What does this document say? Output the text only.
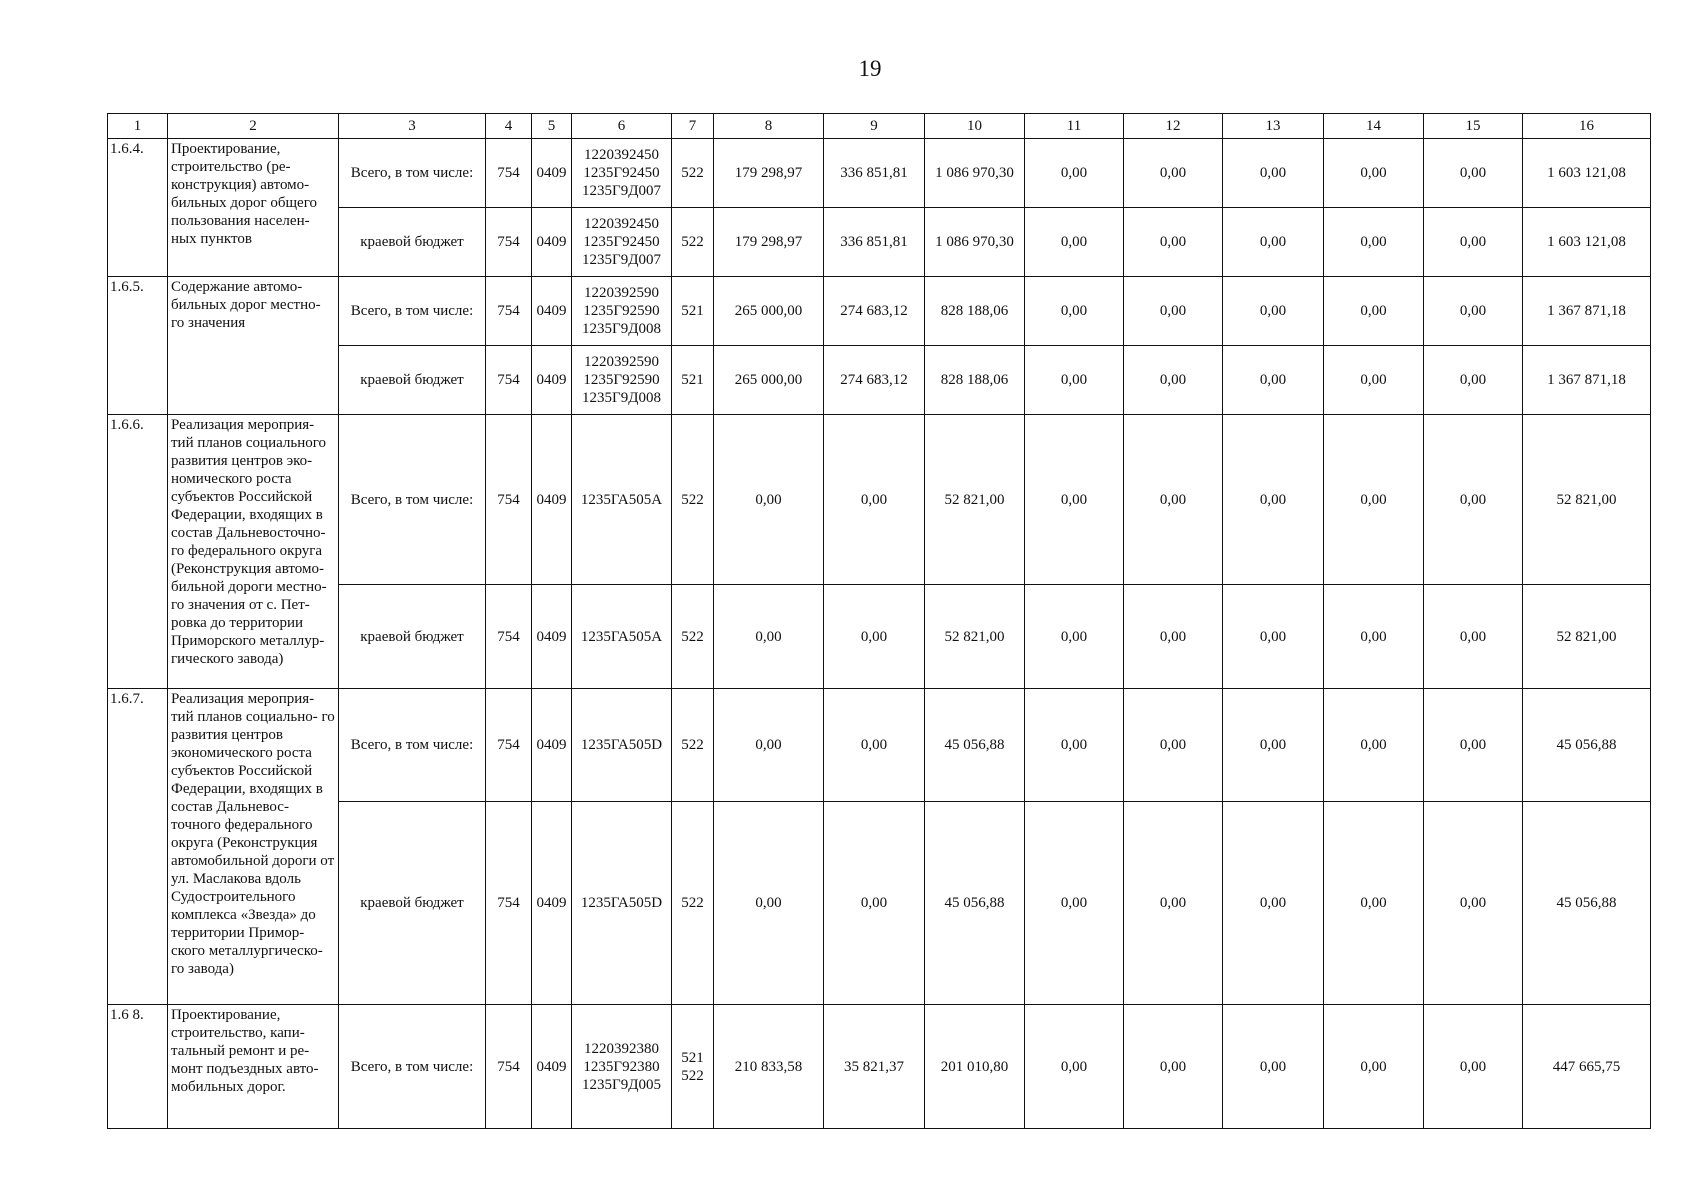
19
1	2	3	4	5	6	7	8	9	10	11	12	13	14	15	16
1.6.4.	Проектирование, строительство (ре- конструкция) автомо- бильных дорог общего пользования населен- ных пунктов	Всего, в том числе:	754	0409	1220392450
1235Г92450
1235Г9Д007	522	179 298,97	336 851,81	1 086 970,30	0,00	0,00	0,00	0,00	0,00	1 603 121,08
		краевой бюджет	754	0409	1220392450
1235Г92450
1235Г9Д007	522	179 298,97	336 851,81	1 086 970,30	0,00	0,00	0,00	0,00	0,00	1 603 121,08
1.6.5.	Содержание автомо- бильных дорог местно- го значения	Всего, в том числе:	754	0409	1220392590
1235Г92590
1235Г9Д008	521	265 000,00	274 683,12	828 188,06	0,00	0,00	0,00	0,00	0,00	1 367 871,18
		краевой бюджет	754	0409	1220392590
1235Г92590
1235Г9Д008	521	265 000,00	274 683,12	828 188,06	0,00	0,00	0,00	0,00	0,00	1 367 871,18
1.6.6.	Реализация мероприя- тий планов социального развития центров эко- номического роста субъектов Российской Федерации, входящих в состав Дальневосточно- го федерального округа (Реконструкция автомо- бильной дороги местно- го значения от с. Пет- ровка до территории Приморского металлур- гического завода)	Всего, в том числе:	754	0409	1235ГА505А	522	0,00	0,00	52 821,00	0,00	0,00	0,00	0,00	0,00	52 821,00
		краевой бюджет	754	0409	1235ГА505А	522	0,00	0,00	52 821,00	0,00	0,00	0,00	0,00	0,00	52 821,00
1.6.7.	Реализация мероприя- тий планов социально- го развития центров экономического роста субъектов Российской Федерации, входящих в состав Дальневос- точного федерального округа (Реконструкция автомобильной дороги от ул. Маслакова вдоль Судостроительного комплекса «Звезда» до территории Примор- ского металлургическо- го завода)	Всего, в том числе:	754	0409	1235ГА505D	522	0,00	0,00	45 056,88	0,00	0,00	0,00	0,00	0,00	45 056,88
		краевой бюджет	754	0409	1235ГА505D	522	0,00	0,00	45 056,88	0,00	0,00	0,00	0,00	0,00	45 056,88
1.6 8.	Проектирование, строительство, капи- тальный ремонт и ре- монт подъездных авто- мобильных дорог.	Всего, в том числе:	754	0409	1220392380
1235Г92380
1235Г9Д005	521
522	210 833,58	35 821,37	201 010,80	0,00	0,00	0,00	0,00	0,00	447 665,75
